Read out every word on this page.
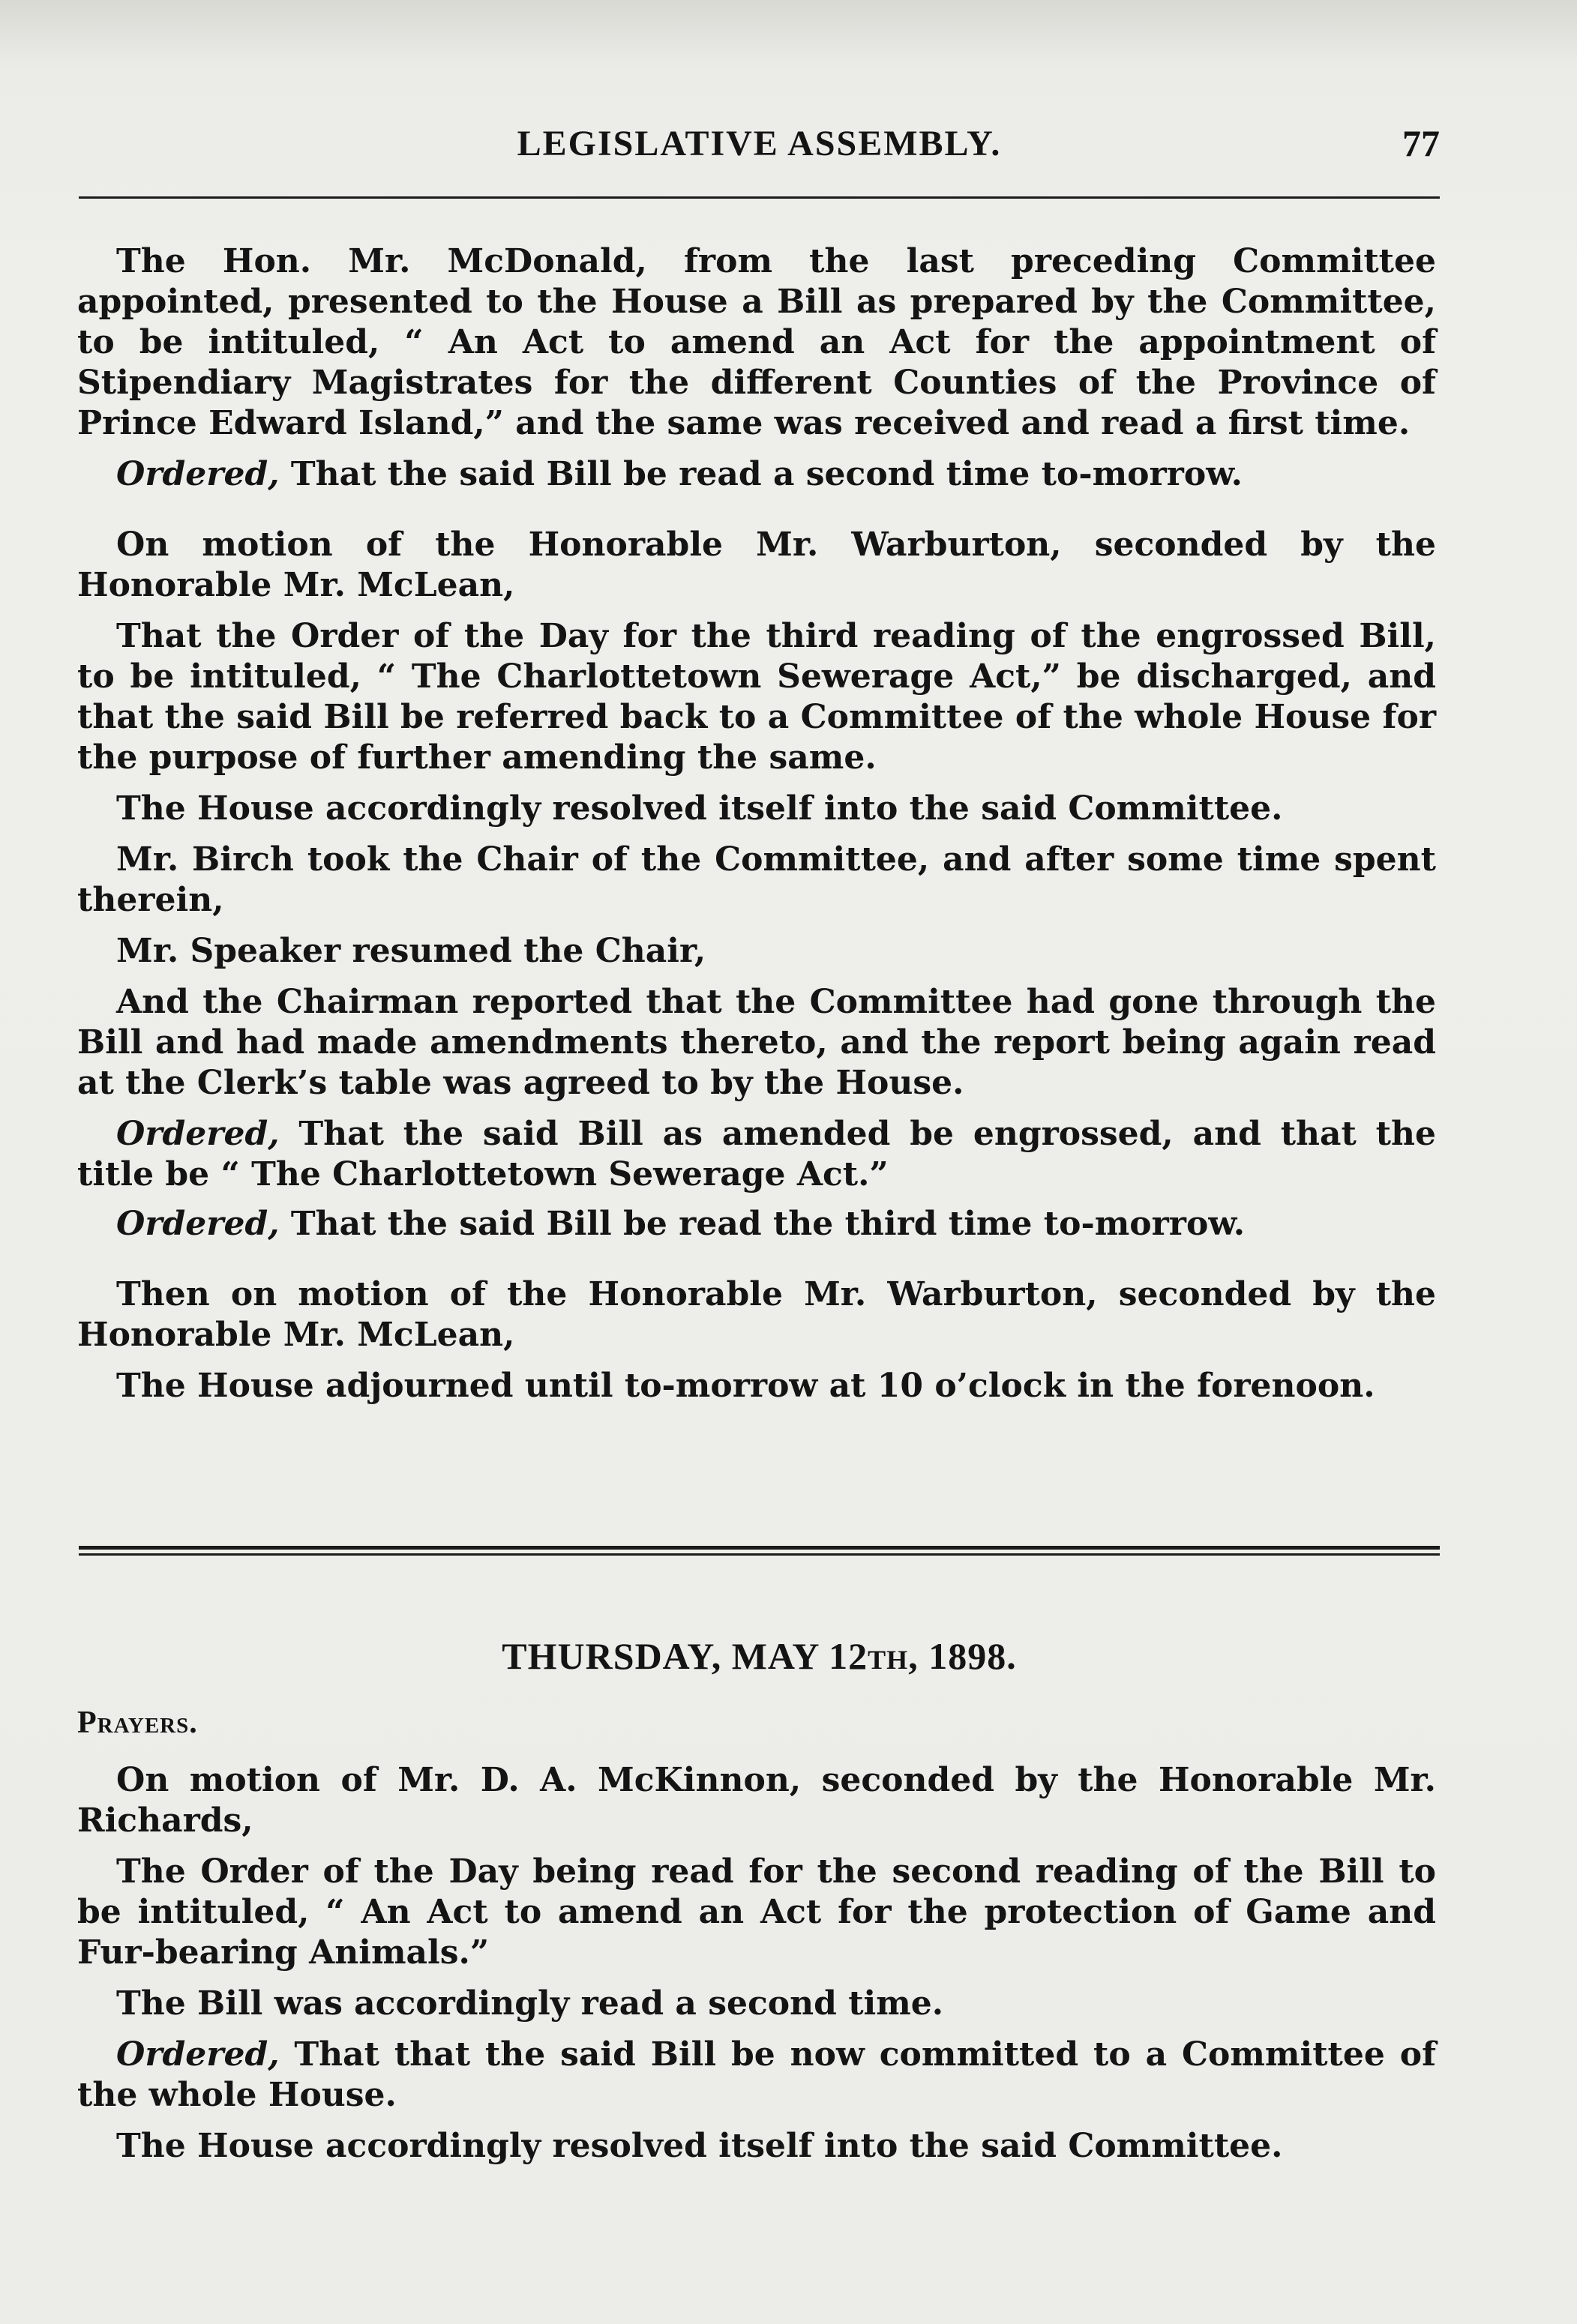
LEGISLATIVE ASSEMBLY.	77

The Hon. Mr. McDonald, from the last preceding Committee appointed, presented to the House a Bill as prepared by the Committee, to be intituled, “ An Act to amend an Act for the appointment of Stipendiary Magistrates for the different Counties of the Province of Prince Edward Island,” and the same was received and read a first time.

Ordered, That the said Bill be read a second time to-morrow.

On motion of the Honorable Mr. Warburton, seconded by the Honorable Mr. McLean,

That the Order of the Day for the third reading of the engrossed Bill, to be intituled, “ The Charlottetown Sewerage Act,” be discharged, and that the said Bill be referred back to a Committee of the whole House for the purpose of further amending the same.

The House accordingly resolved itself into the said Committee.

Mr. Birch took the Chair of the Committee, and after some time spent therein,

Mr. Speaker resumed the Chair,

And the Chairman reported that the Committee had gone through the Bill and had made amendments thereto, and the report being again read at the Clerk’s table was agreed to by the House.

Ordered, That the said Bill as amended be engrossed, and that the title be “ The Charlottetown Sewerage Act.”

Ordered, That the said Bill be read the third time to-morrow.

Then on motion of the Honorable Mr. Warburton, seconded by the Honorable Mr. McLean,

The House adjourned until to-morrow at 10 o’clock in the forenoon.

THURSDAY, MAY 12TH, 1898.
Prayers.

On motion of Mr. D. A. McKinnon, seconded by the Honorable Mr. Richards,

The Order of the Day being read for the second reading of the Bill to be intituled, “ An Act to amend an Act for the protection of Game and Fur-bearing Animals.”

The Bill was accordingly read a second time.

Ordered, That that the said Bill be now committed to a Committee of the whole House.

The House accordingly resolved itself into the said Committee.
